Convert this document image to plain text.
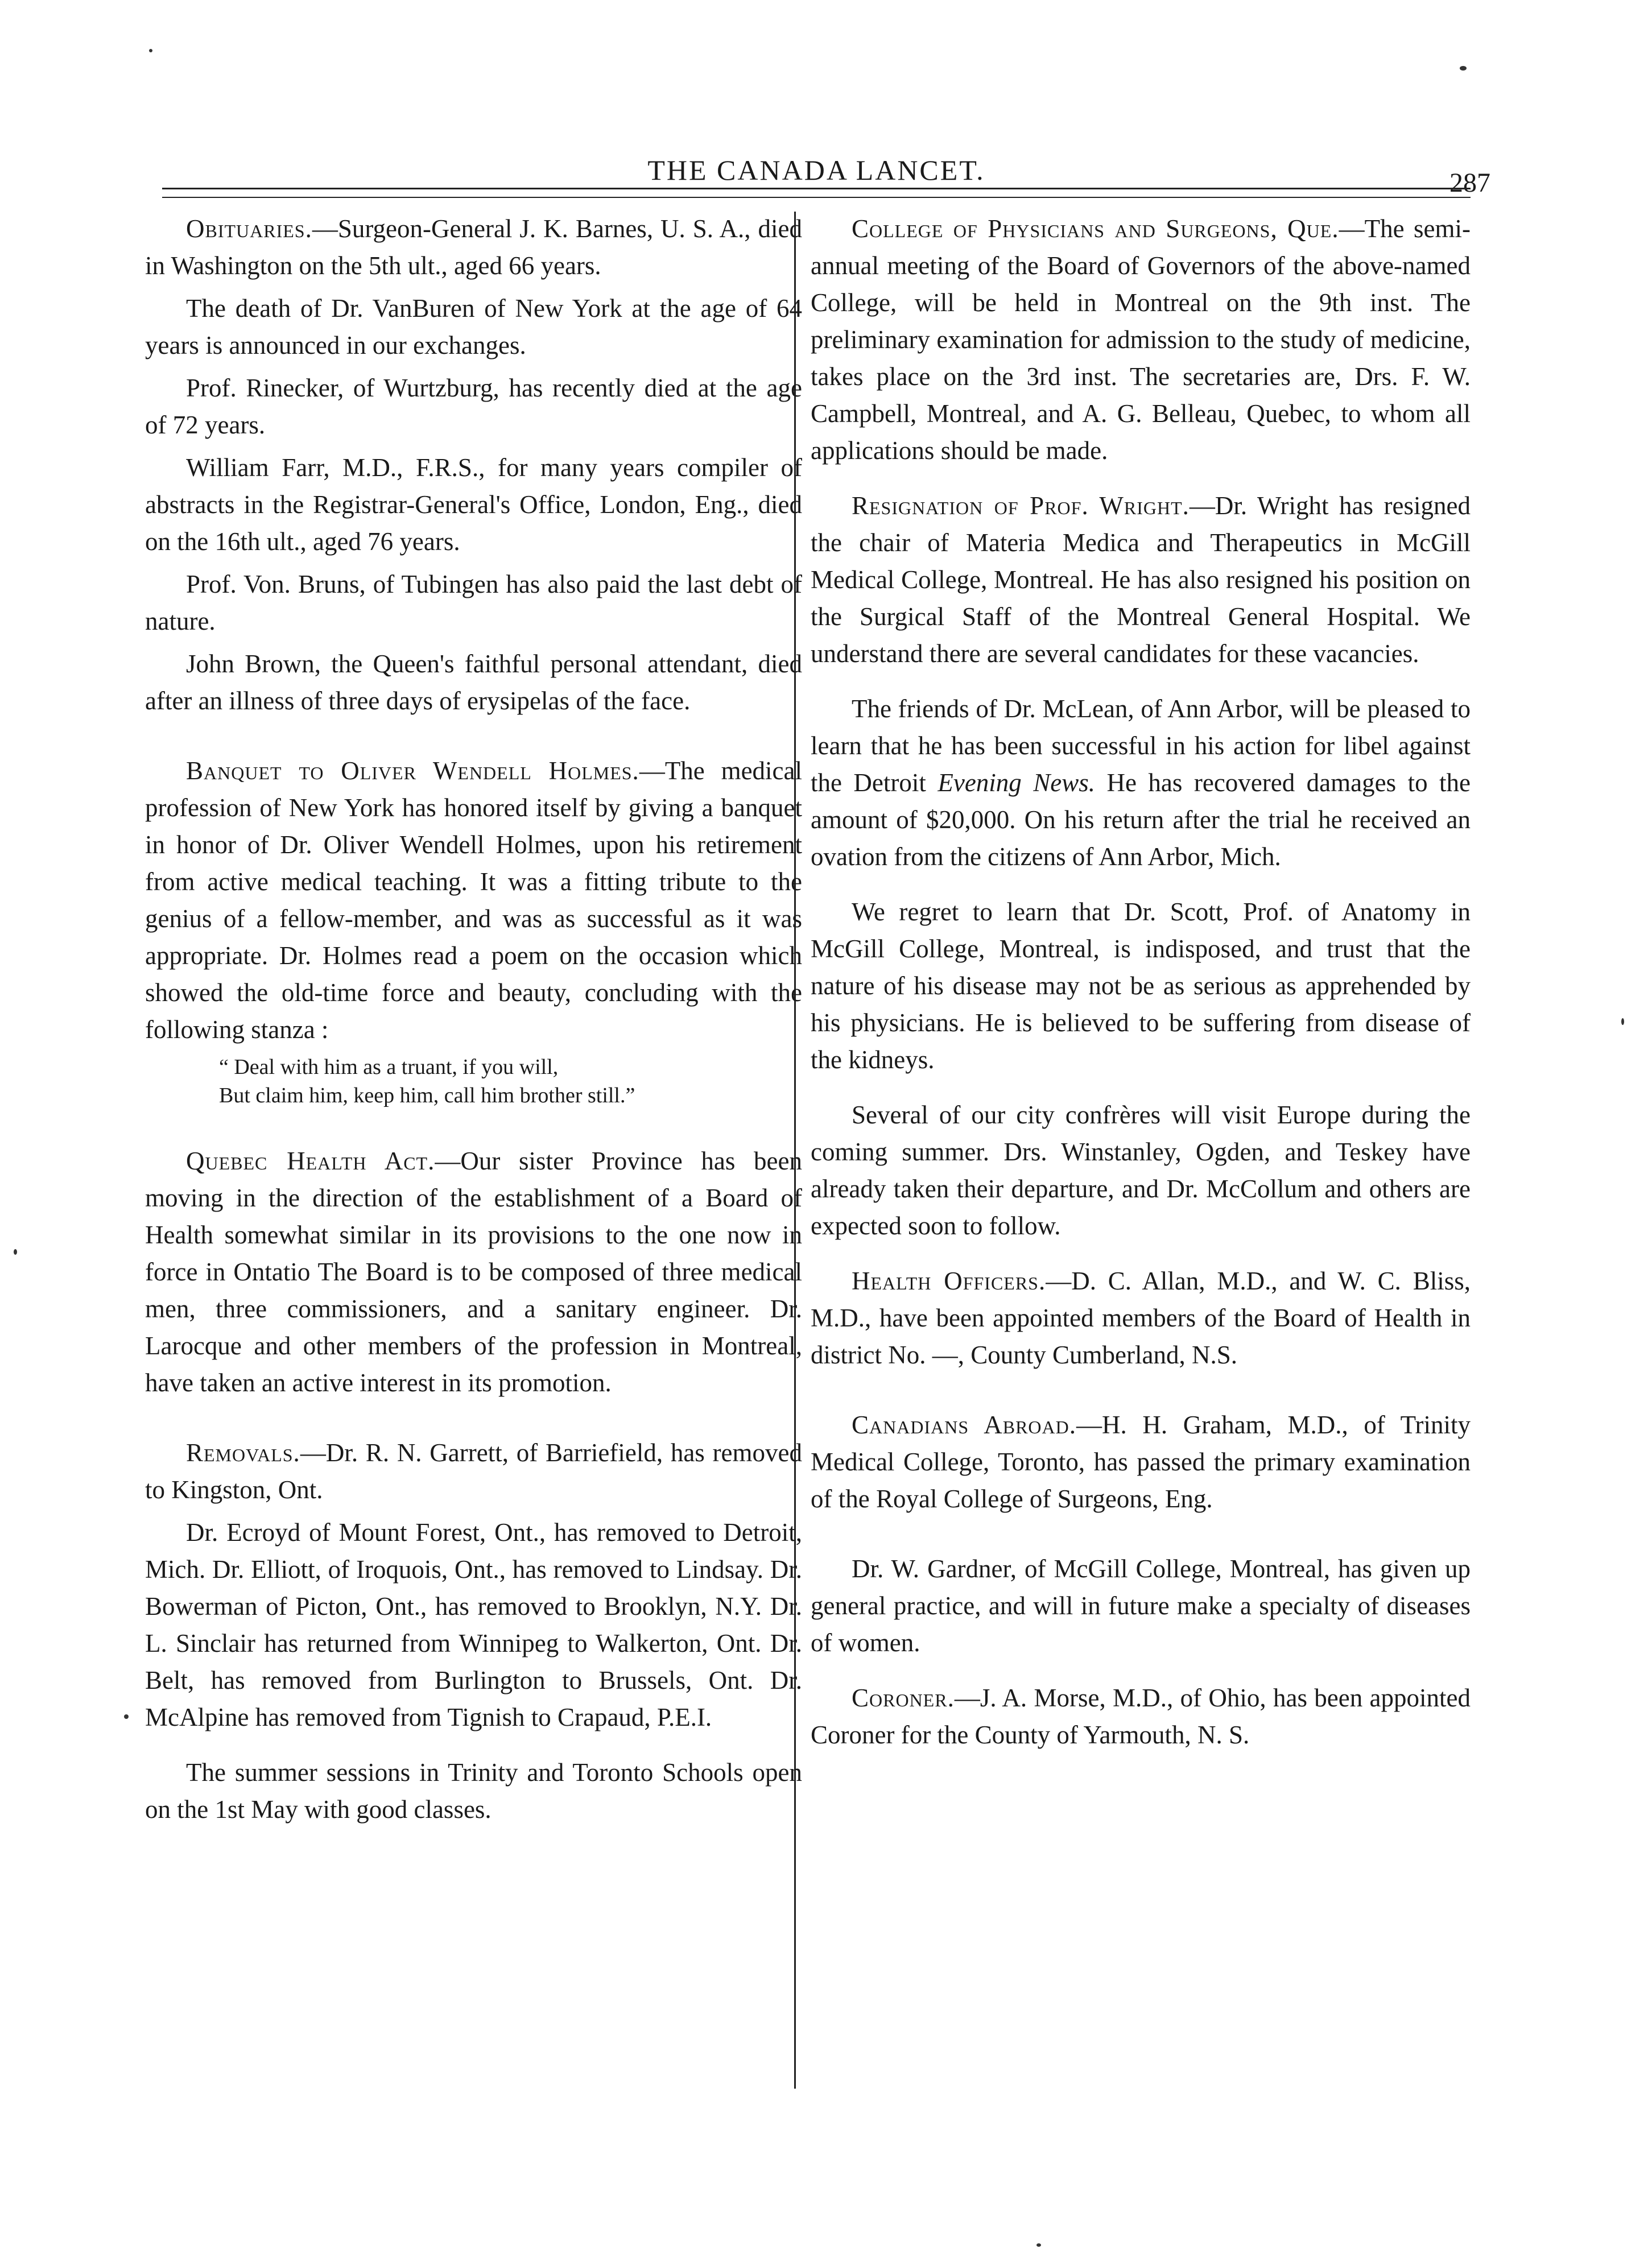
THE CANADA LANCET.	287

Obituaries.—Surgeon-General J. K. Barnes, U. S. A., died in Washington on the 5th ult., aged 66 years.

The death of Dr. VanBuren of New York at the age of 64 years is announced in our exchanges.

Prof. Rinecker, of Wurtzburg, has recently died at the age of 72 years.

William Farr, M.D., F.R.S., for many years compiler of abstracts in the Registrar-General's Office, London, Eng., died on the 16th ult., aged 76 years.

Prof. Von. Bruns, of Tubingen has also paid the last debt of nature.

John Brown, the Queen's faithful personal attendant, died after an illness of three days of erysipelas of the face.

Banquet to Oliver Wendell Holmes.—The medical profession of New York has honored itself by giving a banquet in honor of Dr. Oliver Wendell Holmes, upon his retirement from active medical teaching. It was a fitting tribute to the genius of a fellow-member, and was as successful as it was appropriate. Dr. Holmes read a poem on the occasion which showed the old-time force and beauty, concluding with the following stanza :

“ Deal with him as a truant, if you will,
But claim him, keep him, call him brother still.”

Quebec Health Act.—Our sister Province has been moving in the direction of the establishment of a Board of Health somewhat similar in its provisions to the one now in force in Ontatio The Board is to be composed of three medical men, three commissioners, and a sanitary engineer. Dr. Larocque and other members of the profession in Montreal, have taken an active interest in its promotion.

Removals.—Dr. R. N. Garrett, of Barriefield, has removed to Kingston, Ont.

Dr. Ecroyd of Mount Forest, Ont., has removed to Detroit, Mich. Dr. Elliott, of Iroquois, Ont., has removed to Lindsay. Dr. Bowerman of Picton, Ont., has removed to Brooklyn, N.Y. Dr. L. Sinclair has returned from Winnipeg to Walkerton, Ont. Dr. Belt, has removed from Burlington to Brussels, Ont. Dr. McAlpine has removed from Tignish to Crapaud, P.E.I.

The summer sessions in Trinity and Toronto Schools open on the 1st May with good classes.

College of Physicians and Surgeons, Que.—The semi-annual meeting of the Board of Governors of the above-named College, will be held in Montreal on the 9th inst. The preliminary examination for admission to the study of medicine, takes place on the 3rd inst. The secretaries are, Drs. F. W. Campbell, Montreal, and A. G. Belleau, Quebec, to whom all applications should be made.

Resignation of Prof. Wright.—Dr. Wright has resigned the chair of Materia Medica and Therapeutics in McGill Medical College, Montreal. He has also resigned his position on the Surgical Staff of the Montreal General Hospital. We understand there are several candidates for these vacancies.

The friends of Dr. McLean, of Ann Arbor, will be pleased to learn that he has been successful in his action for libel against the Detroit Evening News. He has recovered damages to the amount of $20,000. On his return after the trial he received an ovation from the citizens of Ann Arbor, Mich.

We regret to learn that Dr. Scott, Prof. of Anatomy in McGill College, Montreal, is indisposed, and trust that the nature of his disease may not be as serious as apprehended by his physicians. He is believed to be suffering from disease of the kidneys.

Several of our city confrères will visit Europe during the coming summer. Drs. Winstanley, Ogden, and Teskey have already taken their departure, and Dr. McCollum and others are expected soon to follow.

Health Officers.—D. C. Allan, M.D., and W. C. Bliss, M.D., have been appointed members of the Board of Health in district No. —, County Cumberland, N.S.

Canadians Abroad.—H. H. Graham, M.D., of Trinity Medical College, Toronto, has passed the primary examination of the Royal College of Surgeons, Eng.

Dr. W. Gardner, of McGill College, Montreal, has given up general practice, and will in future make a specialty of diseases of women.

Coroner.—J. A. Morse, M.D., of Ohio, has been appointed Coroner for the County of Yarmouth, N. S.
